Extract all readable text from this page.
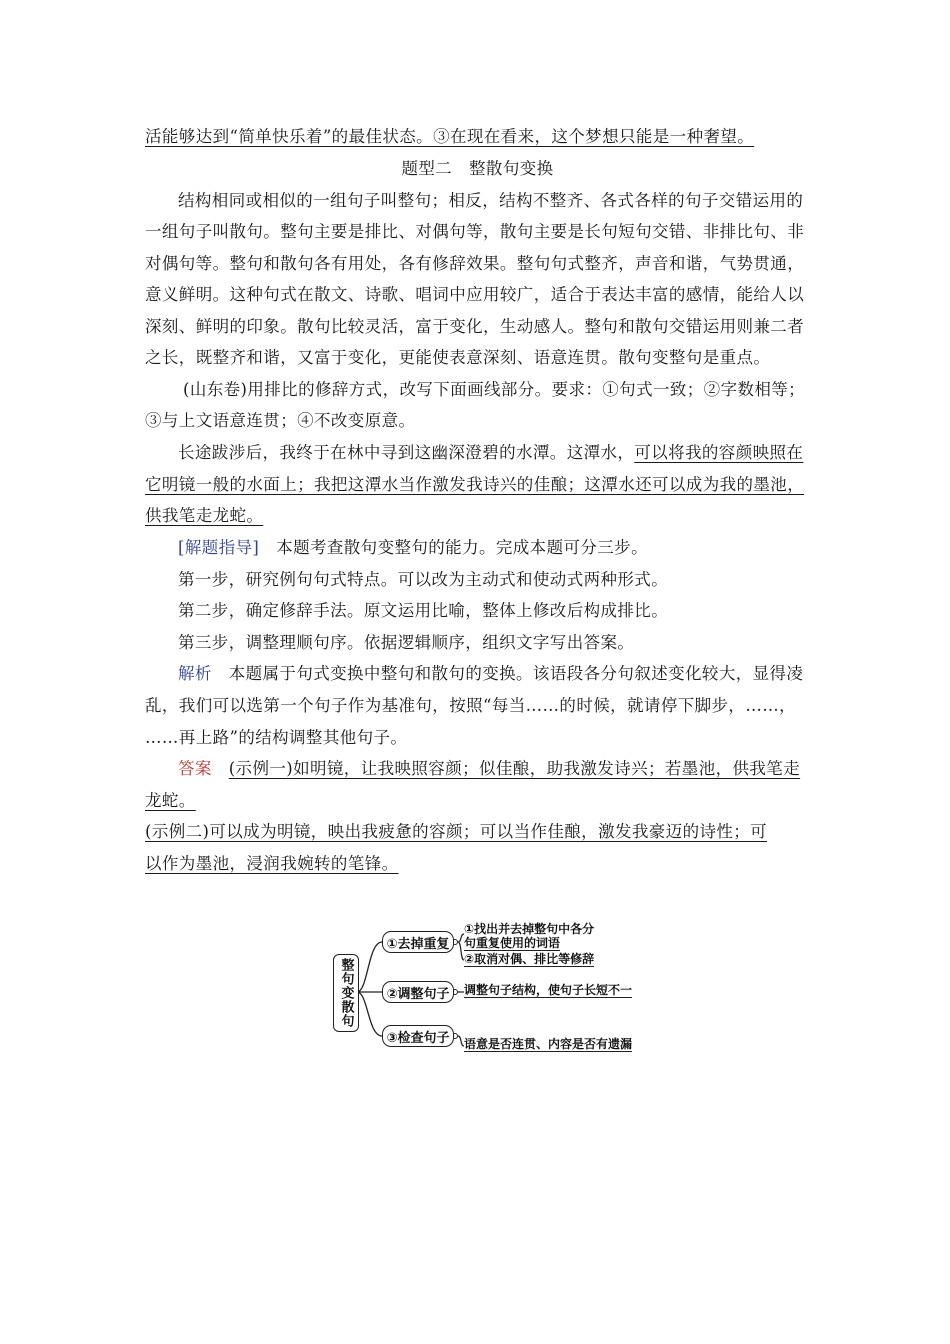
活能够达到“简单快乐着”的最佳状态。③在现在看来，这个梦想只能是一种奢望。
题型二　整散句变换
结构相同或相似的一组句子叫整句；相反，结构不整齐、各式各样的句子交错运用的
一组句子叫散句。整句主要是排比、对偶句等，散句主要是长句短句交错、非排比句、非
对偶句等。整句和散句各有用处，各有修辞效果。整句句式整齐，声音和谐，气势贯通，
意义鲜明。这种句式在散文、诗歌、唱词中应用较广，适合于表达丰富的感情，能给人以
深刻、鲜明的印象。散句比较灵活，富于变化，生动感人。整句和散句交错运用则兼二者
之长，既整齐和谐，又富于变化，更能使表意深刻、语意连贯。散句变整句是重点。
(山东卷)用排比的修辞方式，改写下面画线部分。要求：①句式一致；②字数相等；
③与上文语意连贯；④不改变原意。
长途跋涉后，我终于在林中寻到这幽深澄碧的水潭。这潭水，可以将我的容颜映照在
它明镜一般的水面上；我把这潭水当作激发我诗兴的佳酿；这潭水还可以成为我的墨池，
供我笔走龙蛇。
[解题指导]　 本题考查散句变整句的能力。完成本题可分三步。
第一步，研究例句句式特点。可以改为主动式和使动式两种形式。
第二步，确定修辞手法。原文运用比喻，整体上修改后构成排比。
第三步，调整理顺句序。依据逻辑顺序，组织文字写出答案。
解析　 本题属于句式变换中整句和散句的变换。该语段各分句叙述变化较大，显得凌
乱，我们可以选第一个句子作为基准句，按照“每当……的时候，就请停下脚步，……，
……再上路”的结构调整其他句子。
答案　 (示例一)如明镜，让我映照容颜；似佳酿，助我激发诗兴；若墨池，供我笔走
龙蛇。
(示例二)可以成为明镜，映出我疲惫的容颜；可以当作佳酿，激发我豪迈的诗性；可
以作为墨池，浸润我婉转的笔锋。
整句变散句
①去掉重复
②调整句子
③检查句子
①找出并去掉整句中各分
句重复使用的词语
②取消对偶、排比等修辞
调整句子结构，使句子长短不一
语意是否连贯、内容是否有遗漏
